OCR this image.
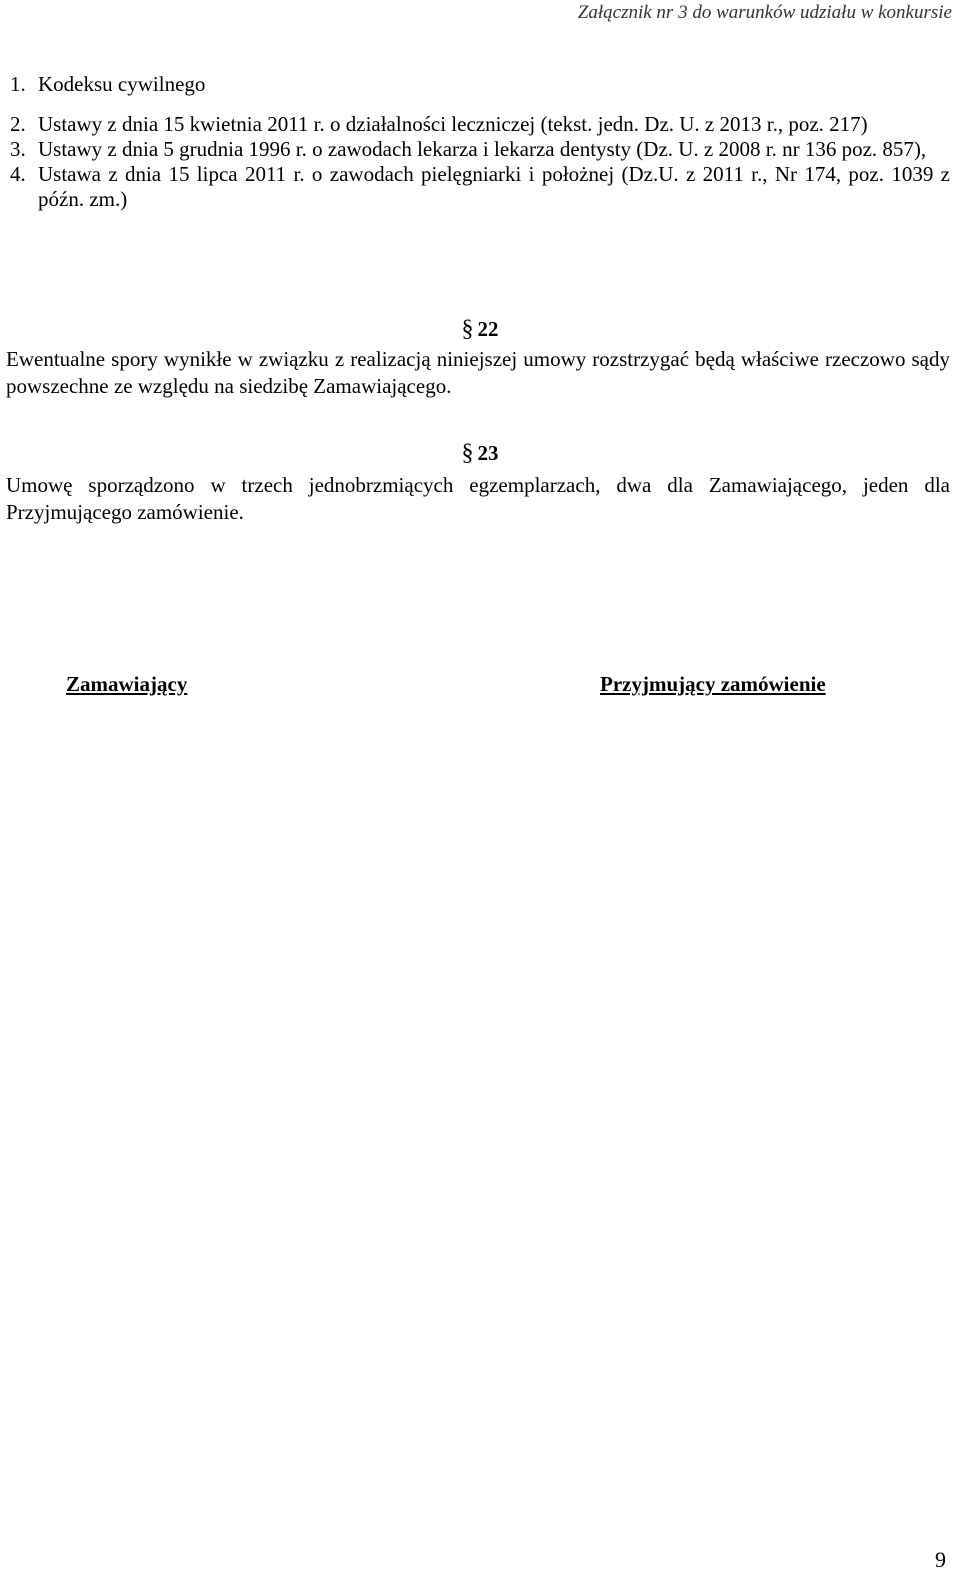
Załącznik nr 3 do warunków udziału w konkursie
1. Kodeksu cywilnego
2. Ustawy z dnia 15 kwietnia 2011 r. o działalności leczniczej (tekst. jedn. Dz. U. z 2013 r., poz. 217)
3. Ustawy z dnia 5 grudnia 1996 r. o zawodach lekarza i lekarza dentysty (Dz. U. z 2008 r. nr 136 poz. 857),
4. Ustawa z dnia 15 lipca 2011 r. o zawodach pielęgniarki i położnej (Dz.U. z 2011 r., Nr 174, poz. 1039 z późn. zm.)
§ 22
Ewentualne spory wynikłe w związku z realizacją niniejszej umowy rozstrzygać będą właściwe rzeczowo sądy powszechne ze względu na siedzibę Zamawiającego.
§ 23
Umowę sporządzono w trzech jednobrzmiących egzemplarzach, dwa dla Zamawiającego, jeden dla Przyjmującego zamówienie.
Zamawiający	Przyjmujący zamówienie
9
